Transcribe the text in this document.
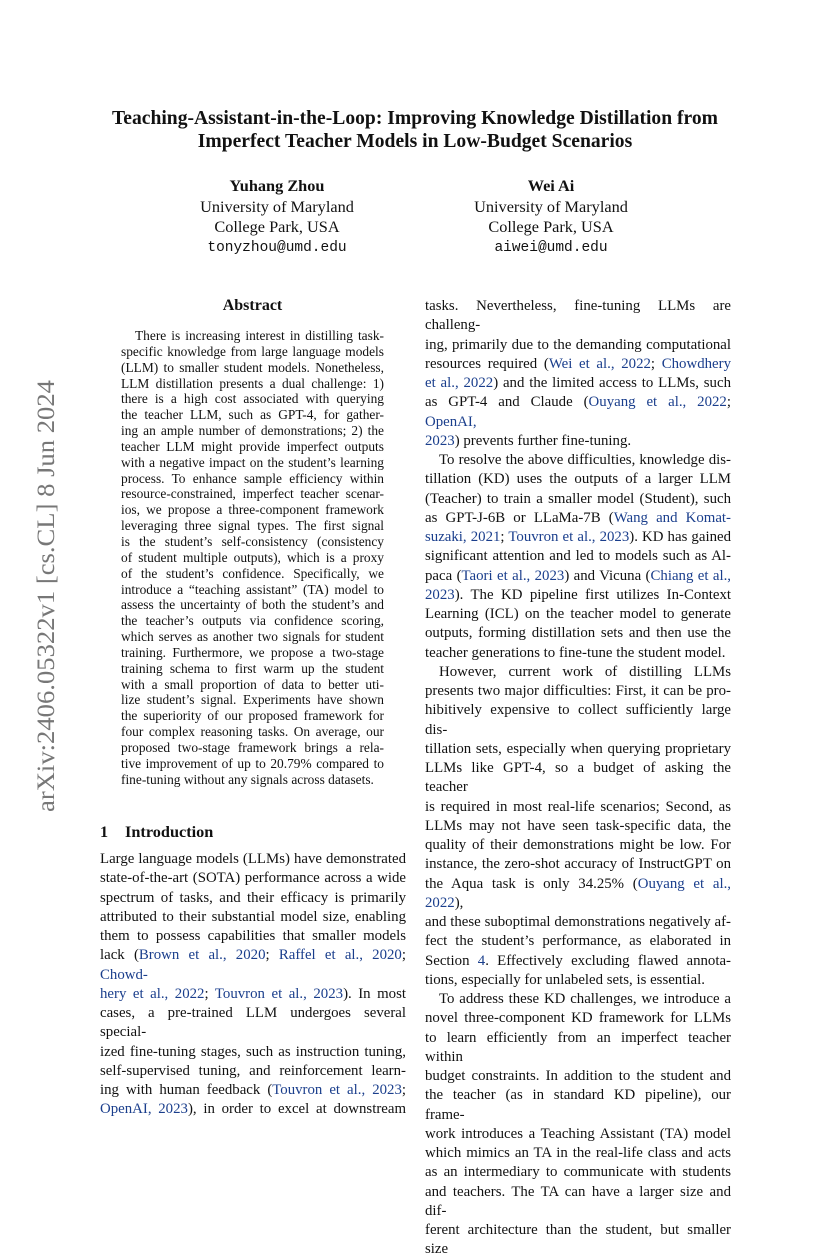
arXiv:2406.05322v1 [cs.CL] 8 Jun 2024
Teaching-Assistant-in-the-Loop: Improving Knowledge Distillation from
Imperfect Teacher Models in Low-Budget Scenarios
Yuhang Zhou
University of Maryland
College Park, USA
tonyzhou@umd.edu
Wei Ai
University of Maryland
College Park, USA
aiwei@umd.edu
Abstract
There is increasing interest in distilling task-
specific knowledge from large language models
(LLM) to smaller student models. Nonetheless,
LLM distillation presents a dual challenge: 1)
there is a high cost associated with querying
the teacher LLM, such as GPT-4, for gather-
ing an ample number of demonstrations; 2) the
teacher LLM might provide imperfect outputs
with a negative impact on the student’s learning
process. To enhance sample efficiency within
resource-constrained, imperfect teacher scenar-
ios, we propose a three-component framework
leveraging three signal types. The first signal
is the student’s self-consistency (consistency
of student multiple outputs), which is a proxy
of the student’s confidence. Specifically, we
introduce a “teaching assistant” (TA) model to
assess the uncertainty of both the student’s and
the teacher’s outputs via confidence scoring,
which serves as another two signals for student
training. Furthermore, we propose a two-stage
training schema to first warm up the student
with a small proportion of data to better uti-
lize student’s signal. Experiments have shown
the superiority of our proposed framework for
four complex reasoning tasks. On average, our
proposed two-stage framework brings a rela-
tive improvement of up to 20.79% compared to
fine-tuning without any signals across datasets.
1 Introduction

Large language models (LLMs) have demonstrated
state-of-the-art (SOTA) performance across a wide
spectrum of tasks, and their efficacy is primarily
attributed to their substantial model size, enabling
them to possess capabilities that smaller models
lack (Brown et al., 2020; Raffel et al., 2020; Chowd-
hery et al., 2022; Touvron et al., 2023). In most
cases, a pre-trained LLM undergoes several special-
ized fine-tuning stages, such as instruction tuning,
self-supervised tuning, and reinforcement learn-
ing with human feedback (Touvron et al., 2023;
OpenAI, 2023), in order to excel at downstream

tasks. Nevertheless, fine-tuning LLMs are challeng-
ing, primarily due to the demanding computational
resources required (Wei et al., 2022; Chowdhery
et al., 2022) and the limited access to LLMs, such
as GPT-4 and Claude (Ouyang et al., 2022; OpenAI,
2023) prevents further fine-tuning.

To resolve the above difficulties, knowledge dis-
tillation (KD) uses the outputs of a larger LLM
(Teacher) to train a smaller model (Student), such
as GPT-J-6B or LLaMa-7B (Wang and Komat-
suzaki, 2021; Touvron et al., 2023). KD has gained
significant attention and led to models such as Al-
paca (Taori et al., 2023) and Vicuna (Chiang et al.,
2023). The KD pipeline first utilizes In-Context
Learning (ICL) on the teacher model to generate
outputs, forming distillation sets and then use the
teacher generations to fine-tune the student model.

However, current work of distilling LLMs
presents two major difficulties: First, it can be pro-
hibitively expensive to collect sufficiently large dis-
tillation sets, especially when querying proprietary
LLMs like GPT-4, so a budget of asking the teacher
is required in most real-life scenarios; Second, as
LLMs may not have seen task-specific data, the
quality of their demonstrations might be low. For
instance, the zero-shot accuracy of InstructGPT on
the Aqua task is only 34.25% (Ouyang et al., 2022),
and these suboptimal demonstrations negatively af-
fect the student’s performance, as elaborated in
Section 4. Effectively excluding flawed annota-
tions, especially for unlabeled sets, is essential.

To address these KD challenges, we introduce a
novel three-component KD framework for LLMs
to learn efficiently from an imperfect teacher within
budget constraints. In addition to the student and
the teacher (as in standard KD pipeline), our frame-
work introduces a Teaching Assistant (TA) model
which mimics an TA in the real-life class and acts
as an intermediary to communicate with students
and teachers. The TA can have a larger size and dif-
ferent architecture than the student, but smaller size
